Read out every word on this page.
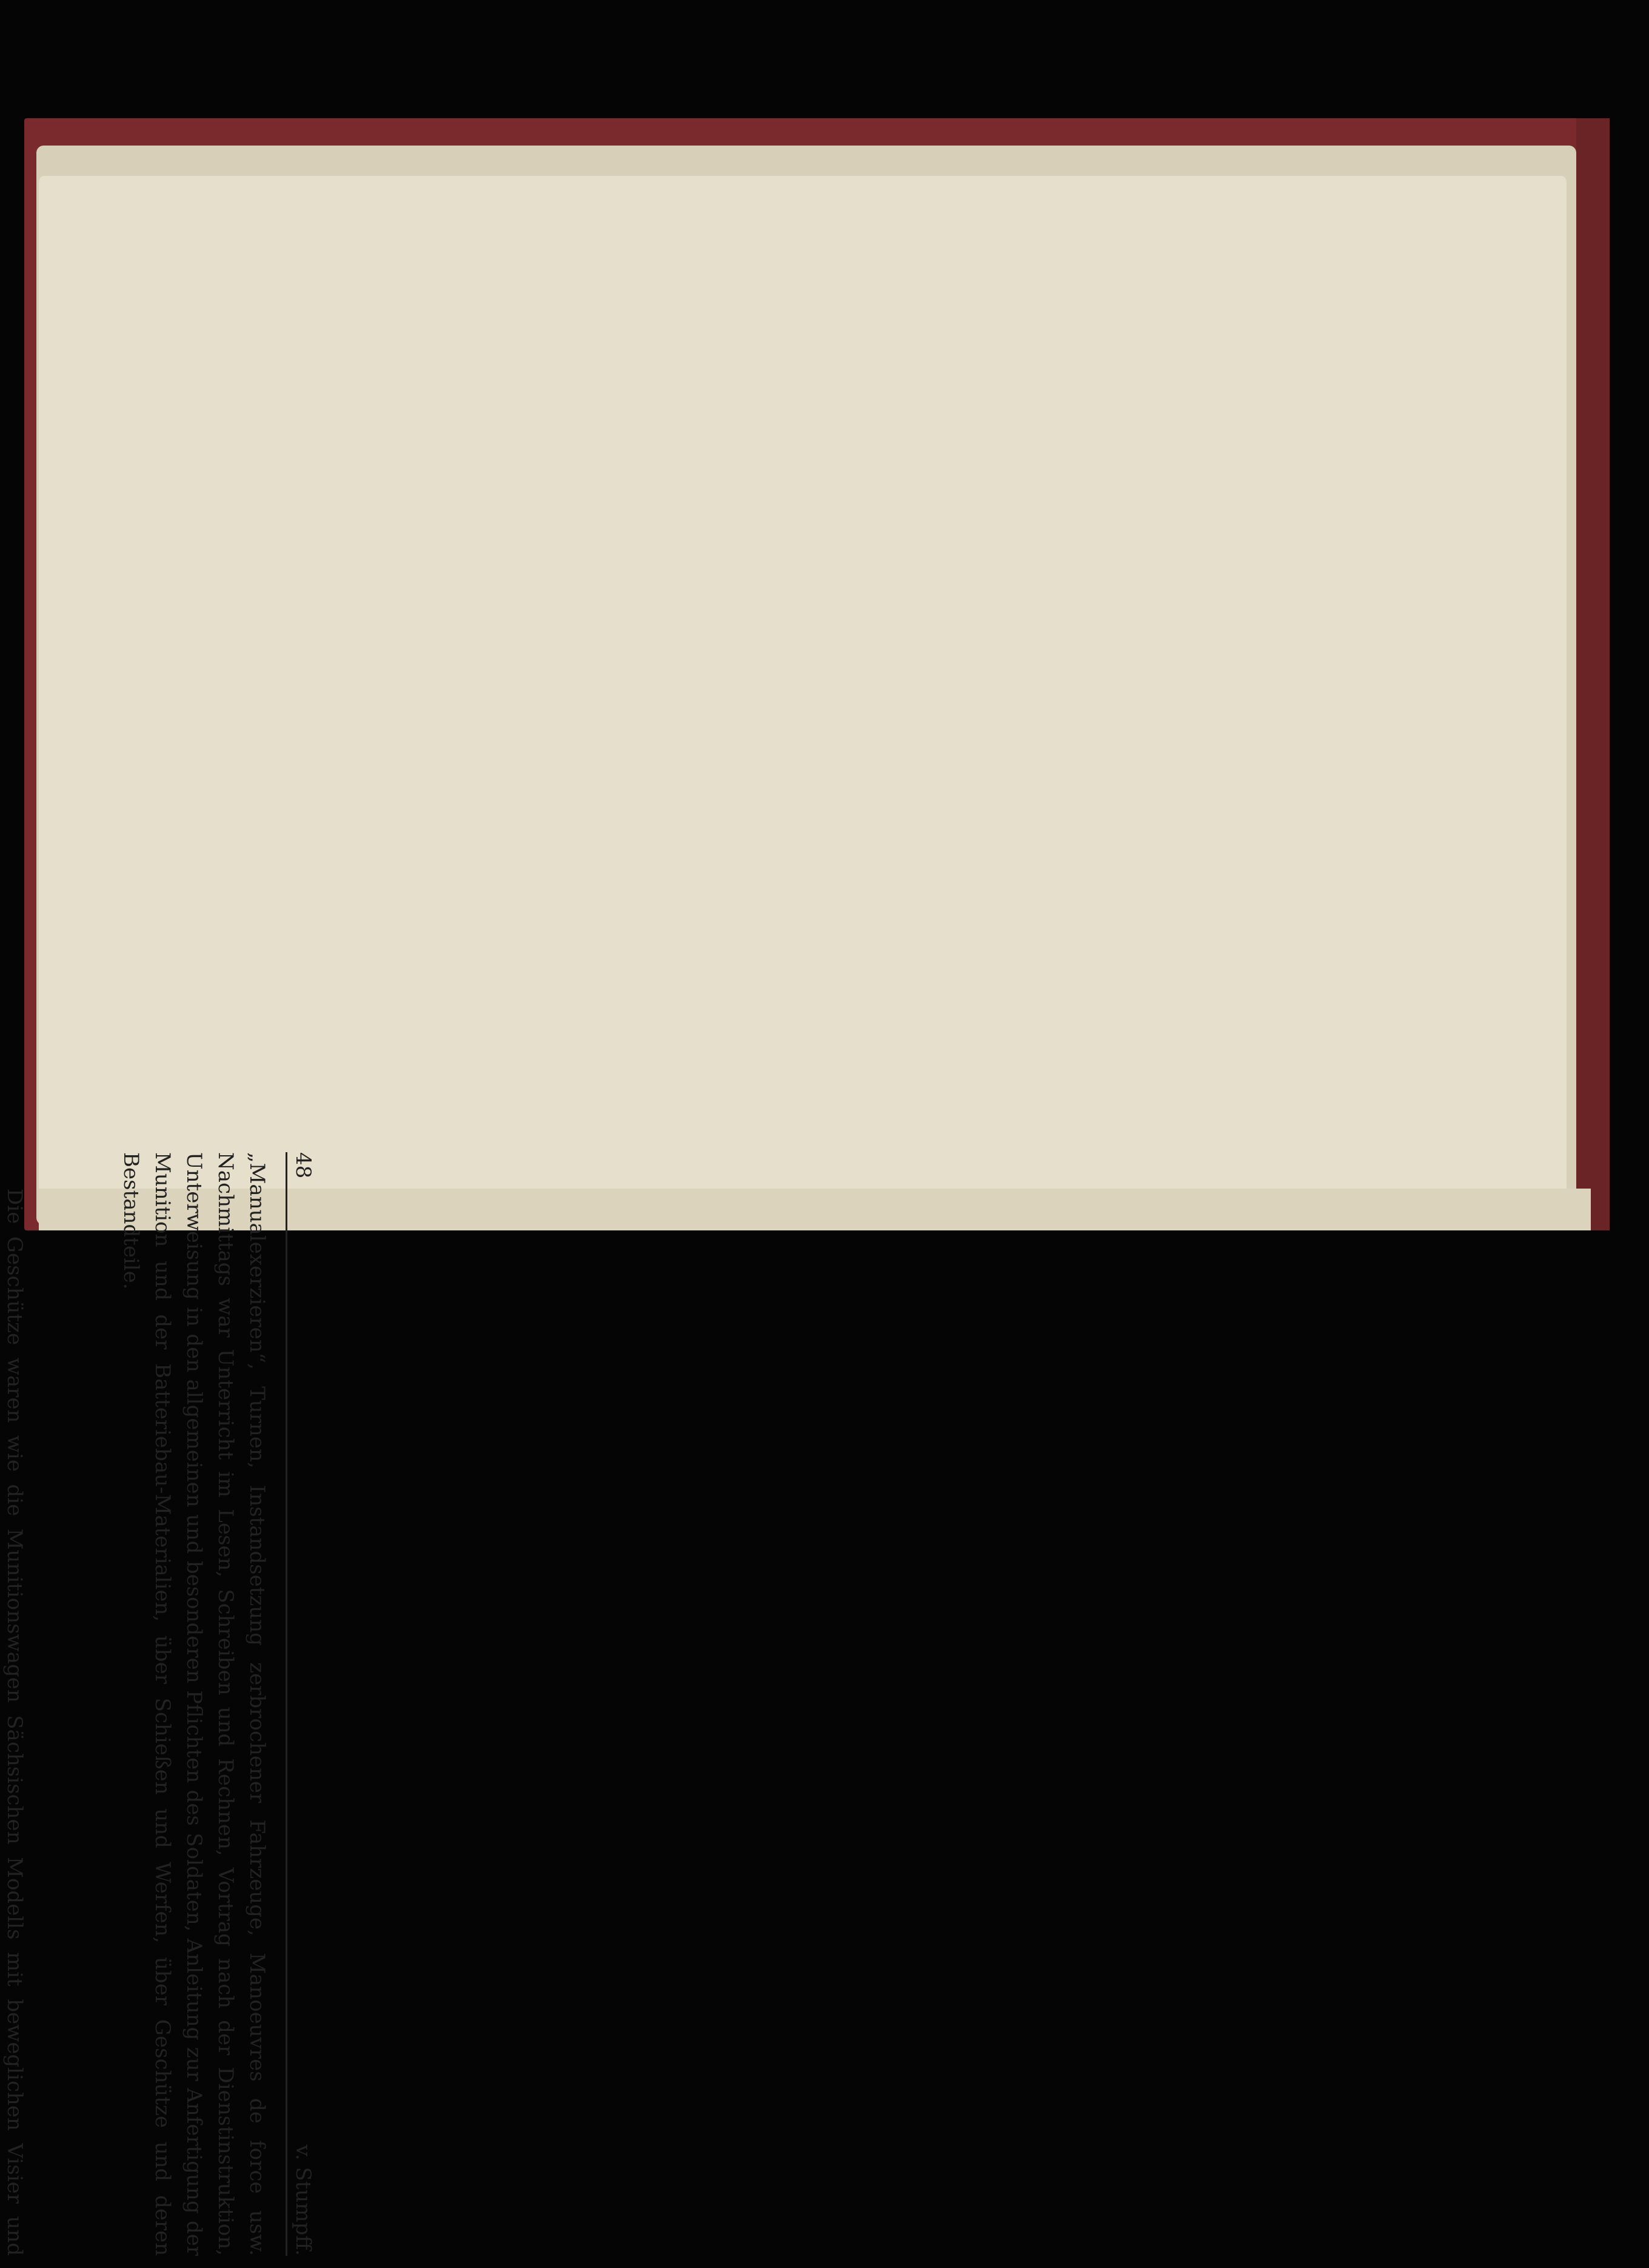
48
v. Stumpff.
„Manualexerzieren“, Turnen, Instandsetzung zerbrochener Fahrzeuge, Manoeuvres de force usw. Nachmittags war Unterricht im Lesen, Schreiben und Rechnen, Vortrag nach der Dienstinstruktion, Unterweisung in den allgemeinen und besonderen Pflichten des Soldaten, Anleitung zur Anfertigung der Munition und der Batteriebau-Materialien, über Schießen und Werfen, über Geschütze und deren Bestandteile.
Die Geschütze waren wie die Munitionswagen Sächsischen Modells mit beweglichen Visier und
